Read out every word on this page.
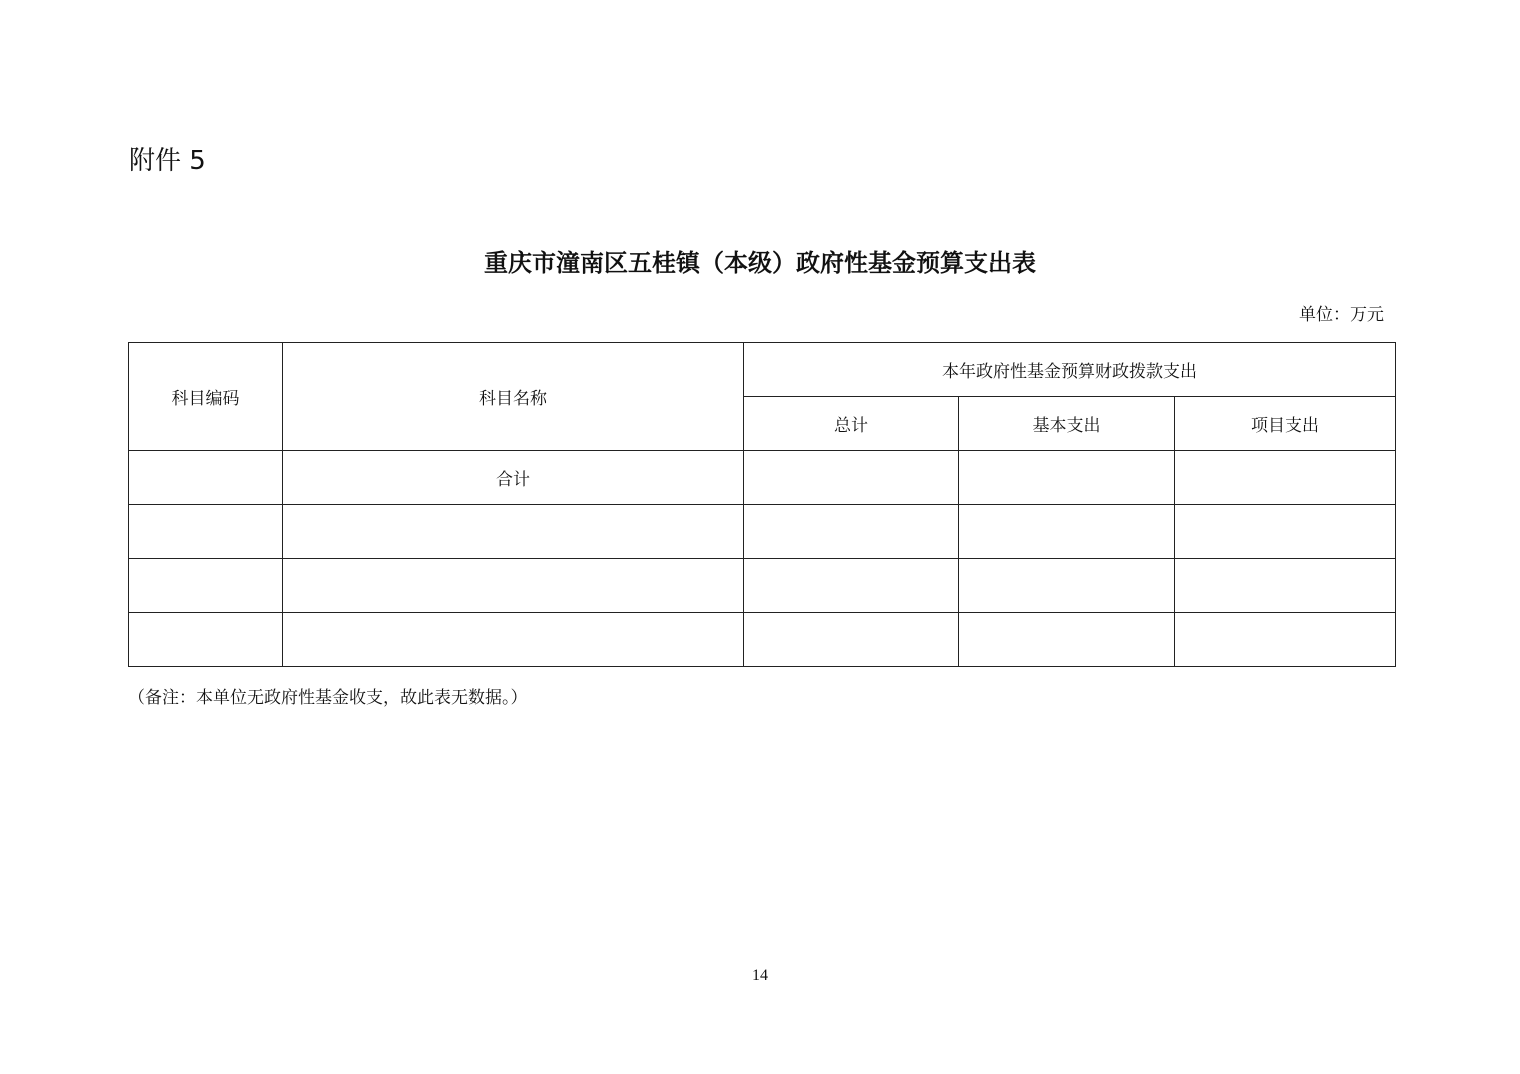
附件 5
重庆市潼南区五桂镇（本级）政府性基金预算支出表
单位：万元
科目编码	科目名称	本年政府性基金预算财政拨款支出		
		总计	基本支出	项目支出
	合计			

（备注：本单位无政府性基金收支，故此表无数据。）
14
